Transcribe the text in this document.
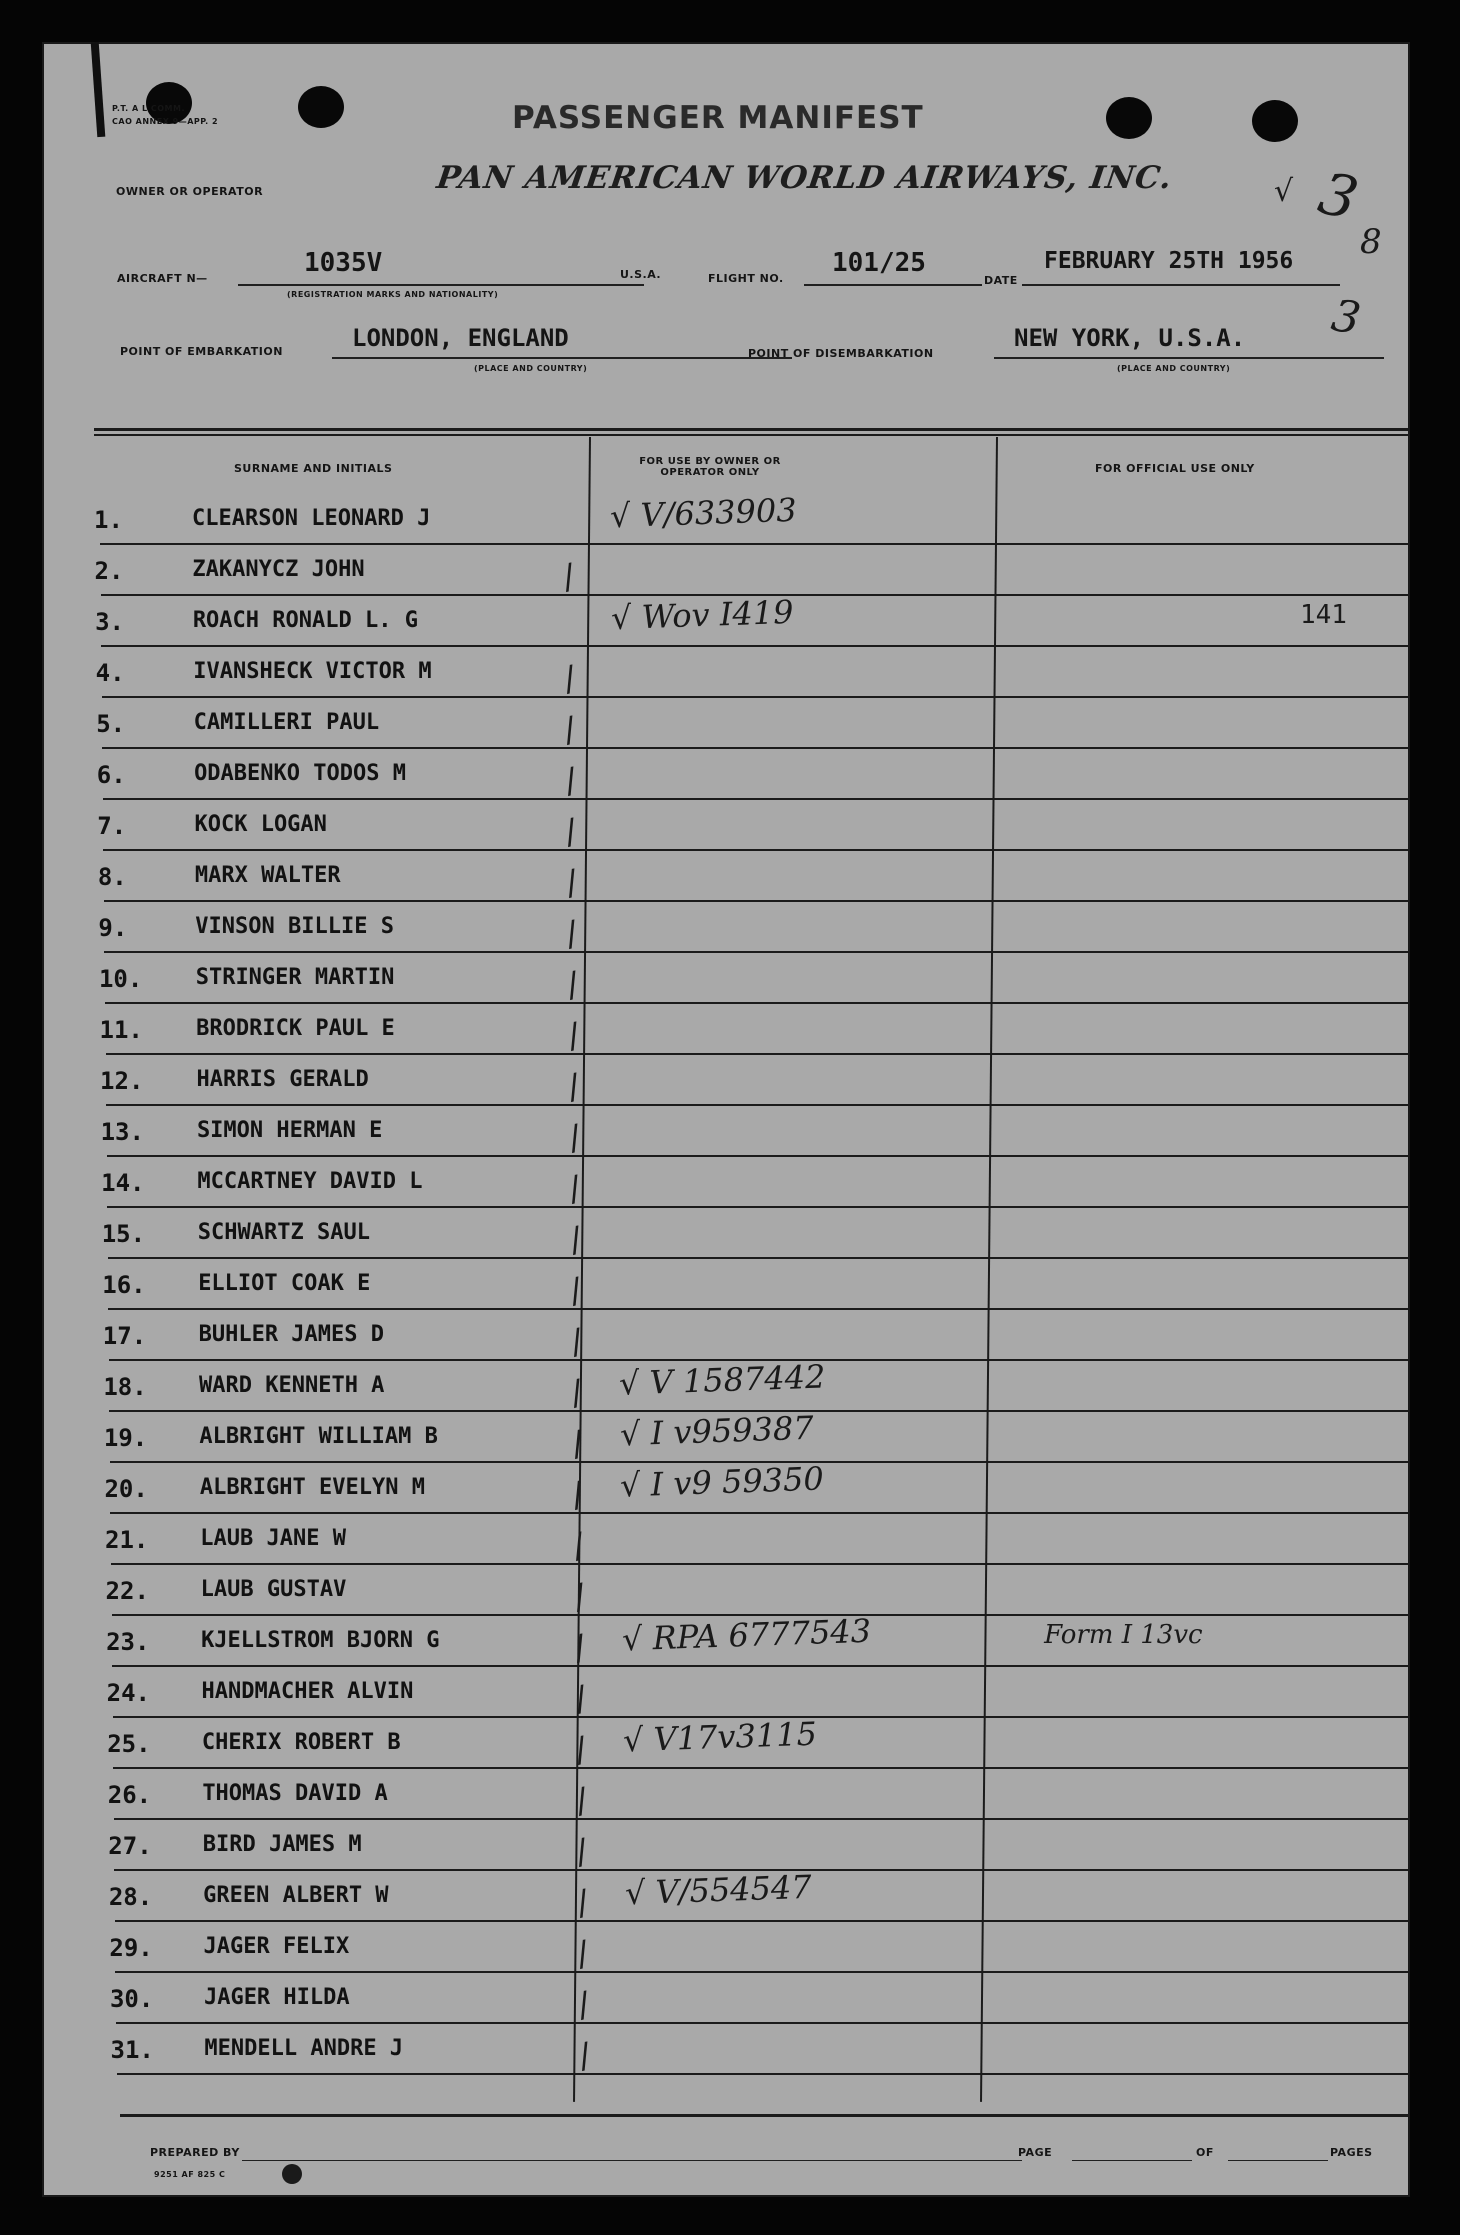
P.T. A L COMM.
CAO ANNEX 9—APP. 2	PASSENGER MANIFEST
OWNER OR OPERATOR	PAN AMERICAN WORLD AIRWAYS, INC. 3
√
AIRCRAFT N—
1035V
(REGISTRATION MARKS AND NATIONALITY)
U.S.A.	FLIGHT NO.
101/25
DATE
FEBRUARY 25TH 1956 8
3
POINT OF EMBARKATION	LONDON, ENGLAND
(PLACE AND COUNTRY)
POINT OF DISEMBARKATION
NEW YORK, U.S.A.
(PLACE AND COUNTRY)
SURNAME AND INITIALS
FOR USE BY OWNER OR OPERATOR ONLY	FOR OFFICIAL USE ONLY
1.	CLEARSON LEONARD J	√ V/633903
2.	ZAKANYCZ JOHN	/
3.	ROACH RONALD L. G	√ Wov I419	141
4.	IVANSHECK VICTOR M	/
5.	CAMILLERI PAUL	/
6.	ODABENKO TODOS M	/
7.	KOCK LOGAN	/
8.	MARX WALTER	/
9.	VINSON BILLIE S	/
10.	STRINGER MARTIN	/
11.	BRODRICK PAUL E	/
12.	HARRIS GERALD	/
13.	SIMON HERMAN E	/
14.	MCCARTNEY DAVID L	/
15.	SCHWARTZ SAUL	/
16.	ELLIOT COAK E	/
17.	BUHLER JAMES D	/
18.	WARD KENNETH A	/ √ V 1587442
19.	ALBRIGHT WILLIAM B	/ √ I v959387
20.	ALBRIGHT EVELYN M	/ √ I v9 59350
21.	LAUB JANE W	/
22.	LAUB GUSTAV	/
23.	KJELLSTROM BJORN G	/ √ RPA 6777543	Form I 13vc
24.	HANDMACHER ALVIN	/
25.	CHERIX ROBERT B	/ √ V17v3115
26.	THOMAS DAVID A	/
27.	BIRD JAMES M	/
28.	GREEN ALBERT W	/ √ V/554547
29.	JAGER FELIX	/
30.	JAGER HILDA	/
31.	MENDELL ANDRE J	/
PREPARED BY
9251 AF 825 C
PAGE	OF	PAGES
